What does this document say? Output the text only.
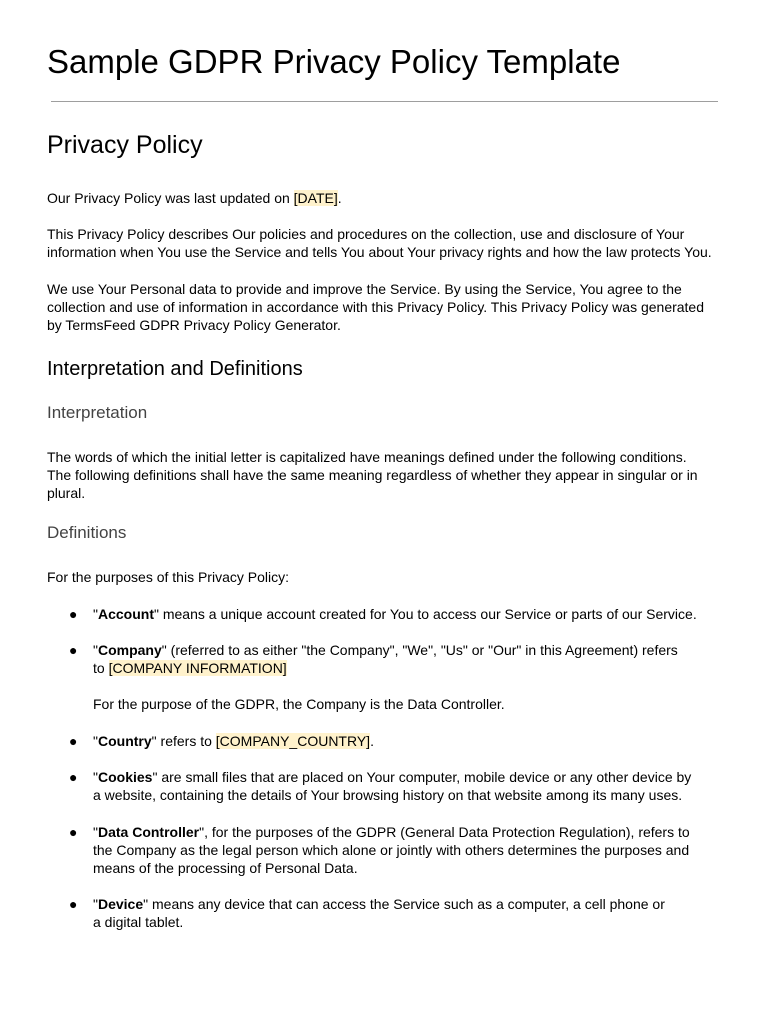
Sample GDPR Privacy Policy Template
Privacy Policy

Our Privacy Policy was last updated on [DATE].

This Privacy Policy describes Our policies and procedures on the collection, use and disclosure of Your
information when You use the Service and tells You about Your privacy rights and how the law protects You.

We use Your Personal data to provide and improve the Service. By using the Service, You agree to the
collection and use of information in accordance with this Privacy Policy. This Privacy Policy was generated
by TermsFeed GDPR Privacy Policy Generator.

Interpretation and Definitions
Interpretation

The words of which the initial letter is capitalized have meanings defined under the following conditions.
The following definitions shall have the same meaning regardless of whether they appear in singular or in
plural.

Definitions

For the purposes of this Privacy Policy:

● "Account" means a unique account created for You to access our Service or parts of our Service.
● "Company" (referred to as either "the Company", "We", "Us" or "Our" in this Agreement) refers
to [COMPANY INFORMATION]
For the purpose of the GDPR, the Company is the Data Controller.
● "Country" refers to [COMPANY_COUNTRY].
● "Cookies" are small files that are placed on Your computer, mobile device or any other device by
a website, containing the details of Your browsing history on that website among its many uses.
● "Data Controller", for the purposes of the GDPR (General Data Protection Regulation), refers to
the Company as the legal person which alone or jointly with others determines the purposes and
means of the processing of Personal Data.
● "Device" means any device that can access the Service such as a computer, a cell phone or
a digital tablet.
